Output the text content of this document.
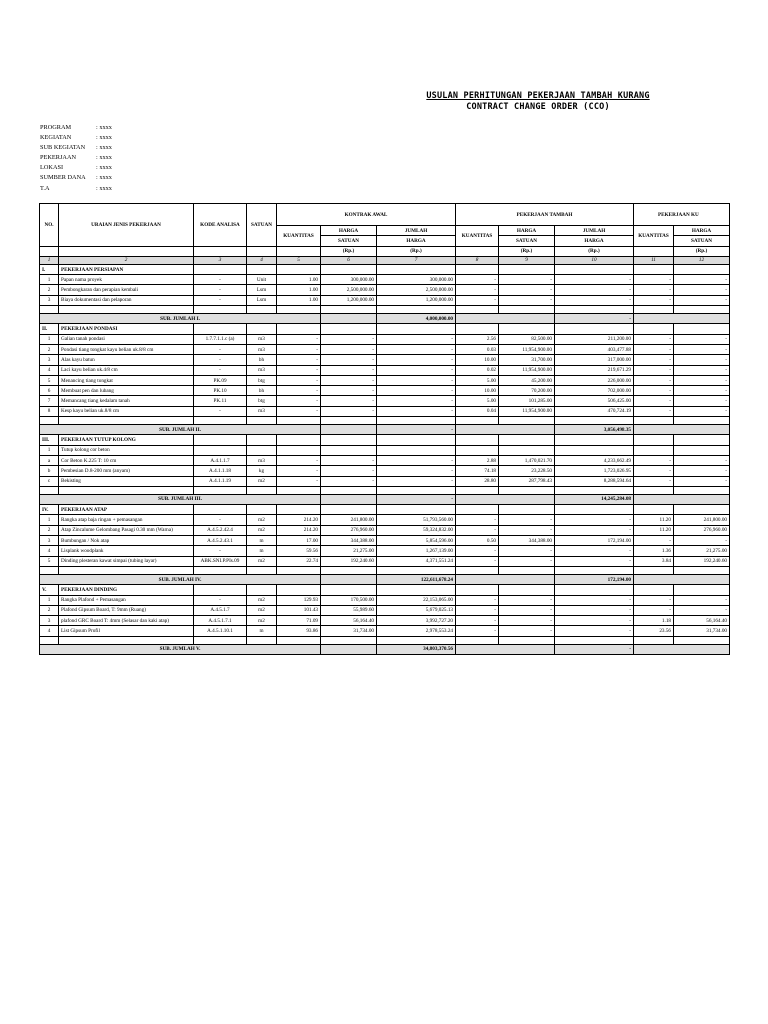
USULAN PERHITUNGAN PEKERJAAN TAMBAH KURANG
CONTRACT CHANGE ORDER (CCO)
PROGRAM	: xxxx
KEGIATAN	: xxxx
SUB KEGIATAN	: xxxx
PEKERJAAN	: xxxx
LOKASI	: xxxx
SUMBER DANA	: xxxx
T.A	: xxxx
NO.	URAIAN JENIS PEKERJAAN	KODE ANALISA	SATUAN	KONTRAK AWAL			PEKERJAAN TAMBAH			PEKERJAAN KU	
				KUANTITAS	HARGA	JUMLAH	KUANTITAS	HARGA	JUMLAH	KUANTITAS	HARGA
					SATUAN	HARGA		SATUAN	HARGA		SATUAN
					(Rp.)	(Rp.)		(Rp.)	(Rp.)		(Rp.)
1	2	3	4	5	6	7	8	9	10	11	12
I.	PEKERJAAN PERSIAPAN										
1	Papan nama proyek	-	Unit	1.00	300,000.00	300,000.00	-	-	-	-	-
2	Pembongkaran dan perapian kembali	-	Lsm	1.00	2,500,000.00	2,500,000.00	-	-	-	-	-
3	Biaya dokumentasi dan pelaporan	-	Lsm	1.00	1,200,000.00	1,200,000.00	-	-	-	-	-

SUB. JUMLAH I.						4,000,000.00			-		
II.	PEKERJAAN PONDASI										
1	Galian tanah pondasi	1.7.7.1.1.c (a)	m3	-	-	-	2.56	82,500.00	211,200.00	-	-
2	Pondasi tiang tongkat kayu belian uk.8/8 cm	-	m3	-	-	-	0.03	11,954,900.00	403,477.88	-	-
3	Alas kayu batun	-	bh	-	-	-	10.00	31,700.00	317,000.00	-	-
4	Laci kayu belian uk.4/8 cm	-	m3	-	-	-	0.02	11,954,900.00	219,671.29	-	-
5	Menancing tiang tongkat	PK.09	btg	-	-	-	5.00	45,200.00	226,000.00	-	-
6	Membuat pen dan lubang	PK.10	bh	-	-	-	10.00	70,200.00	702,000.00	-	-
7	Memancang tiang kedalam tanah	PK.11	btg	-	-	-	5.00	101,285.00	506,425.00	-	-
8	Kesp kayu belian uk.8/8 cm	-	m3	-	-	-	0.04	11,954,900.00	470,724.19	-	-

SUB. JUMLAH II.						-			3,056,498.35		
III.	PEKERJAAN TUTUP KOLONG										
1	Tutup kolong cor beton										
a	Cor Beton K.225 T: 10 cm	A.4.1.1.7	m3	-	-	-	2.88	1,470,021.70	4,233,662.49	-	-
b	Pembesian D.8-200 mm (anyam)	A.4.1.1.18	kg	-	-	-	74.18	23,228.50	1,723,026.95	-	-
c	Bekisting	A.4.1.1.19	m2	-	-	-	28.80	287,798.43	8,288,594.64	-	-

SUB. JUMLAH III.						-			14,245,284.08		
IV.	PEKERJAAN ATAP										
1	Rangka atap baja ringan + pemasangan	-	m2	214.20	241,800.00	51,793,560.00	-	-	-	11.20	241,800.00
2	Atap Zincalume Gelombang Pasagi 0.30 mm (Warna)	A.4.5.2.42.4	m2	214.20	276,960.00	59,324,832.00	-	-	-	11.20	276,960.00
3	Bumbungan / Nok atap	A.4.5.2.43.1	m	17.00	344,388.00	5,854,596.00	0.50	344,388.00	172,194.00	-	-
4	Lisplank woodplank	-	m	59.56	21,275.00	1,267,139.00	-	-	-	1.36	21,275.00
5	Dinding plesteran kawat simpai (tubing layar)	ABK.SNI.P.PIs.09	m2	22.74	192,240.60	4,371,551.24	-	-	-	3.84	192,240.60

SUB. JUMLAH IV.						122,611,678.24			172,194.00		
V.	PEKERJAAN DINDING										
1	Rangka Plafond + Pemasangan	-	m2	129.93	170,500.00	22,153,065.00	-	-	-	-	-
2	Plafond Gipsum Board, T: 9mm (Ruang)	A.4.5.1.7	m2	101.43	55,989.60	5,679,025.13	-	-	-	-	-
3	plafond GRC Board T: 4mm (Selasar dan kaki atap)	A.4.5.1.7.1	m2	71.09	56,164.40	3,992,727.20	-	-	-	1.18	56,164.40
4	List Gipsum Profil	A.4.5.1.10.1	m	93.86	31,734.00	2,978,553.24	-	-	-	23.56	31,734.00

SUB. JUMLAH V.						34,803,370.56			-		
